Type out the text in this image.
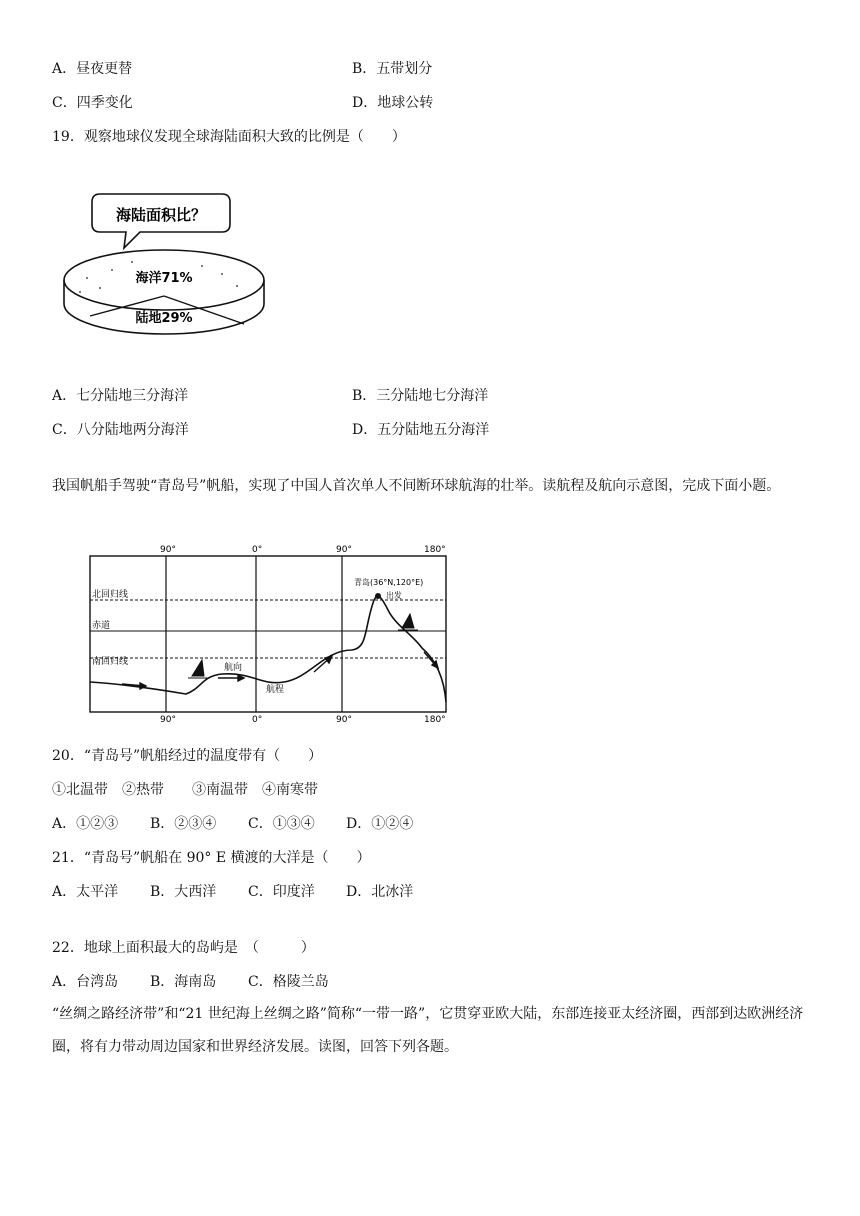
A．昼夜更替	B．五带划分
C．四季变化	D．地球公转
19．观察地球仪发现全球海陆面积大致的比例是（　　）
海陆面积比？
海洋71%
陆地29%
A．七分陆地三分海洋	B．三分陆地七分海洋
C．八分陆地两分海洋	D．五分陆地五分海洋
我国帆船手驾驶“青岛号”帆船，实现了中国人首次单人不间断环球航海的壮举。读航程及航向示意图，完成下面小题。
北回归线
赤道
南回归线
90°	0°	90°	180°
90°	0°	90°	180°
青岛(36°N,120°E)
出发
航向
航程
20．“青岛号”帆船经过的温度带有（　　）
①北温带　②热带　　③南温带　④南寒带
A．①②③ B．②③④ C．①③④ D．①②④
21．“青岛号”帆船在 90° E 横渡的大洋是（　　）
A．太平洋 B．大西洋 C．印度洋 D．北冰洋
22．地球上面积最大的岛屿是　（　　　）
A．台湾岛 B．海南岛 C．格陵兰岛
“丝绸之路经济带”和“21 世纪海上丝绸之路”简称“一带一路”，它贯穿亚欧大陆，东部连接亚太经济圈，西部到达欧洲经济圈，将有力带动周边国家和世界经济发展。读图，回答下列各题。
